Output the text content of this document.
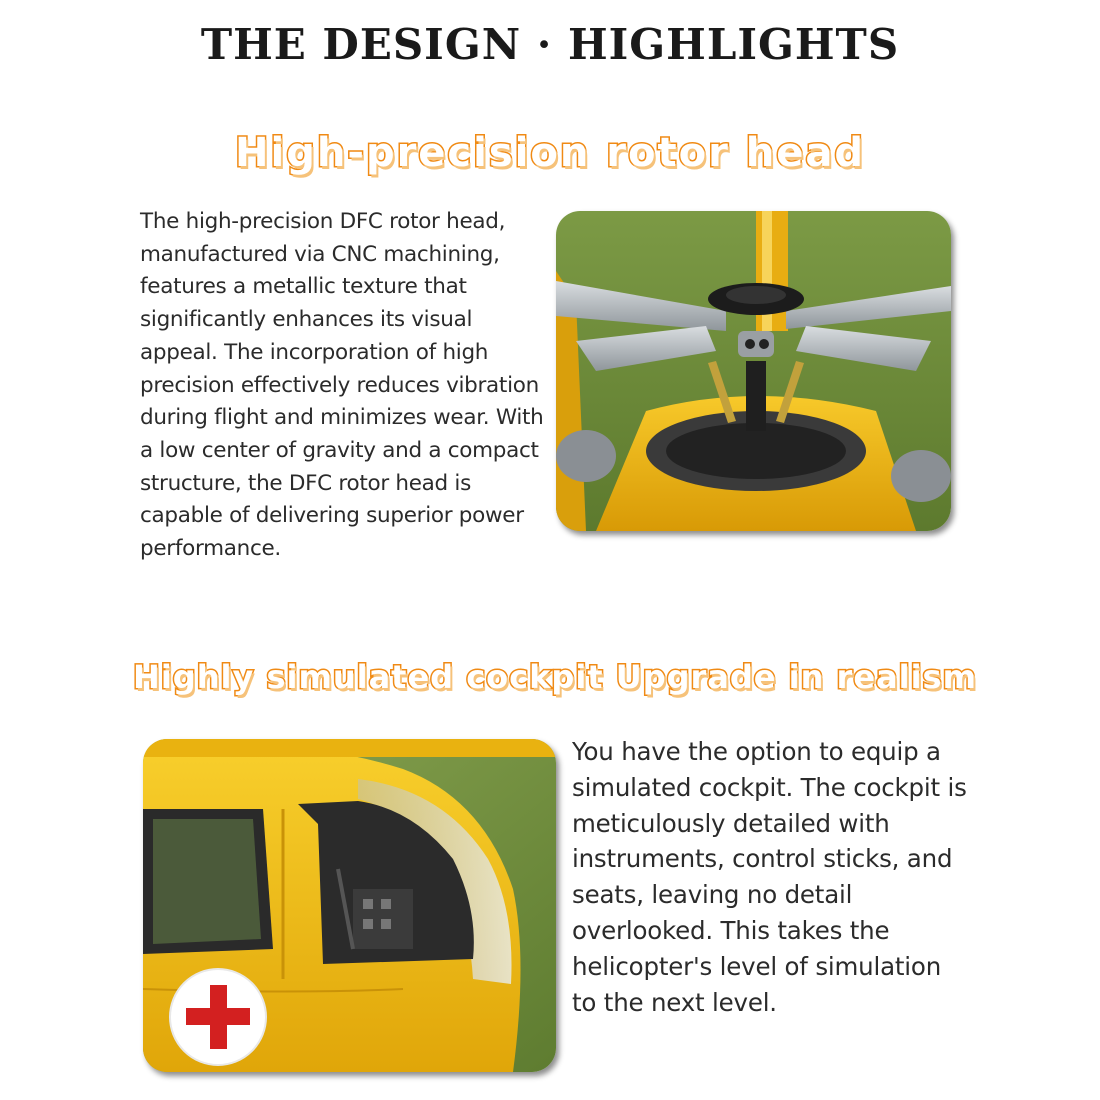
THE DESIGN · HIGHLIGHTS
High-precision rotor head

The high-precision DFC rotor head, manufactured via CNC machining, features a metallic texture that significantly enhances its visual appeal. The incorporation of high precision effectively reduces vibration during flight and minimizes wear. With a low center of gravity and a compact structure, the DFC rotor head is capable of delivering superior power performance.

Highly simulated cockpit Upgrade in realism

You have the option to equip a simulated cockpit. The cockpit is meticulously detailed with instruments, control sticks, and seats, leaving no detail overlooked. This takes the helicopter's level of simulation to the next level.
